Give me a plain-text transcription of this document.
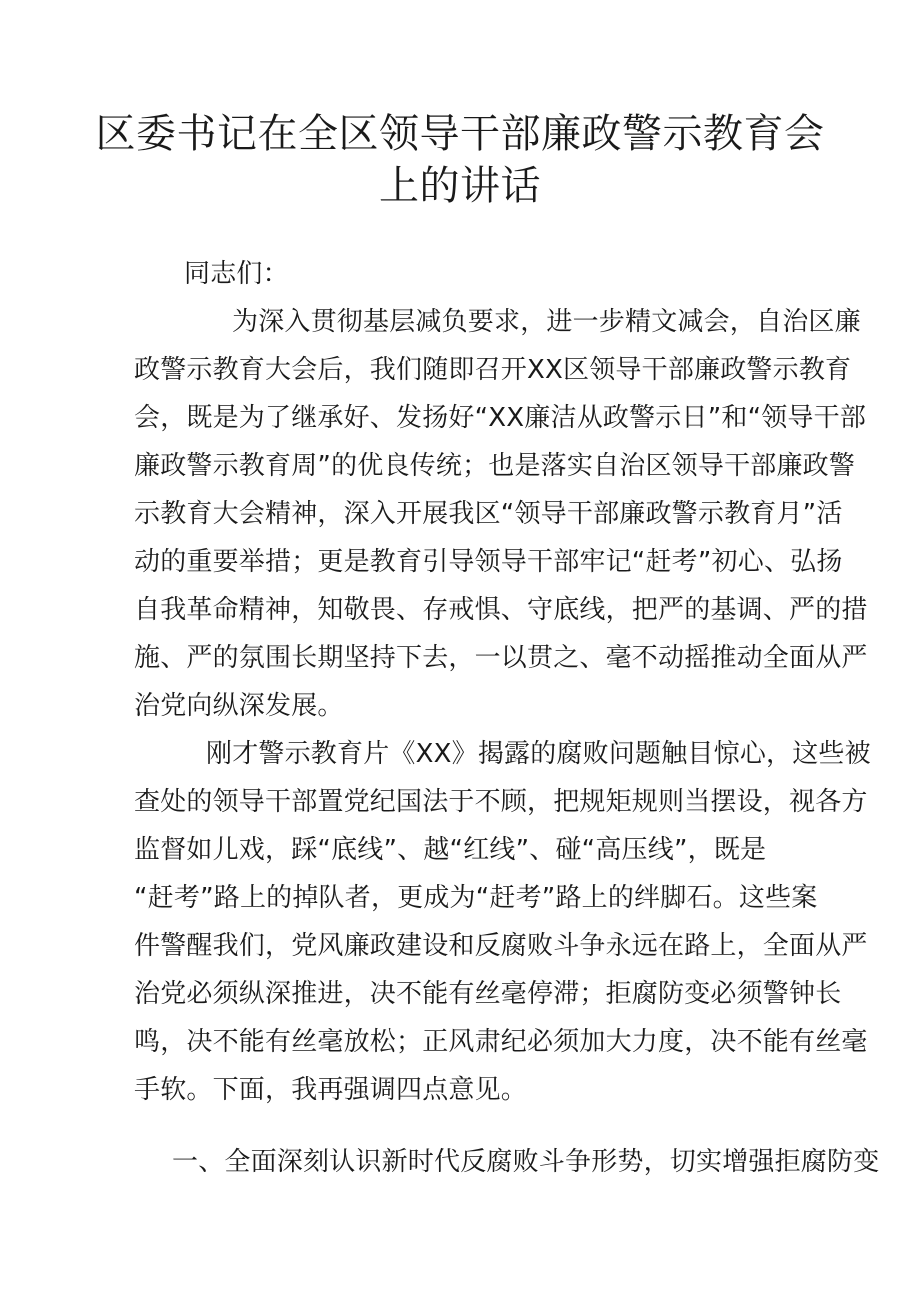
区委书记在全区领导干部廉政警示教育会
上的讲话
同志们：
为深入贯彻基层减负要求，进一步精文减会，自治区廉
政警示教育大会后，我们随即召开XX区领导干部廉政警示教育
会，既是为了继承好、发扬好“XX廉洁从政警示日”和“领导干部
廉政警示教育周”的优良传统；也是落实自治区领导干部廉政警
示教育大会精神，深入开展我区“领导干部廉政警示教育月”活
动的重要举措；更是教育引导领导干部牢记“赶考”初心、弘扬
自我革命精神，知敬畏、存戒惧、守底线，把严的基调、严的措
施、严的氛围长期坚持下去，一以贯之、毫不动摇推动全面从严
治党向纵深发展。
刚才警示教育片《XX》揭露的腐败问题触目惊心，这些被
查处的领导干部置党纪国法于不顾，把规矩规则当摆设，视各方
监督如儿戏，踩“底线”、越“红线”、碰“高压线”，既是
“赶考”路上的掉队者，更成为“赶考”路上的绊脚石。这些案
件警醒我们，党风廉政建设和反腐败斗争永远在路上，全面从严
治党必须纵深推进，决不能有丝毫停滞；拒腐防变必须警钟长
鸣，决不能有丝毫放松；正风肃纪必须加大力度，决不能有丝毫
手软。下面，我再强调四点意见。
一、全面深刻认识新时代反腐败斗争形势，切实增强拒腐防变
